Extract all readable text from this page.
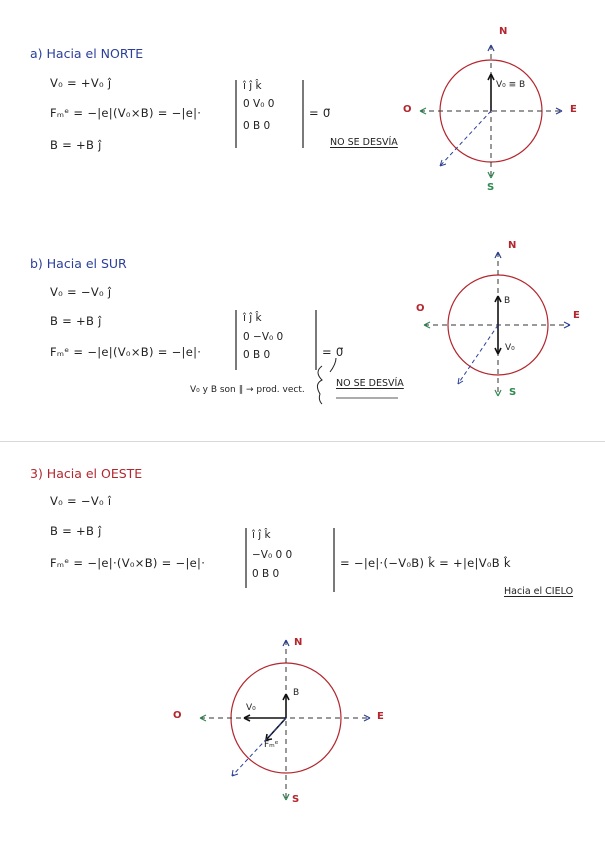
a) Hacia el NORTE
V₀ = +V₀ ĵ
Fₘᵉ = −|e|(V₀×B) = −|e|·
B = +B ĵ
î ĵ k̂
0 V₀ 0
0 B 0
= 0⃗
NO SE DESVÍA
N
S
E
O
V₀ ≡ B
b) Hacia el SUR
V₀ = −V₀ ĵ
B = +B ĵ
Fₘᵉ = −|e|(V₀×B) = −|e|·
î ĵ k̂
0 −V₀ 0
0 B 0	= 0⃗
NO SE DESVÍA
V₀ y B son ∥ → prod. vect.
N
S
E
O
B
V₀
3) Hacia el OESTE
V₀ = −V₀ î
B = +B ĵ
Fₘᵉ = −|e|·(V₀×B) = −|e|·
î ĵ k̂
−V₀ 0 0
0 B 0
= −|e|·(−V₀B) k̂ = +|e|V₀B k̂
Hacia el CIELO
N
S
E
O
B
V₀
Fₘᵉ
